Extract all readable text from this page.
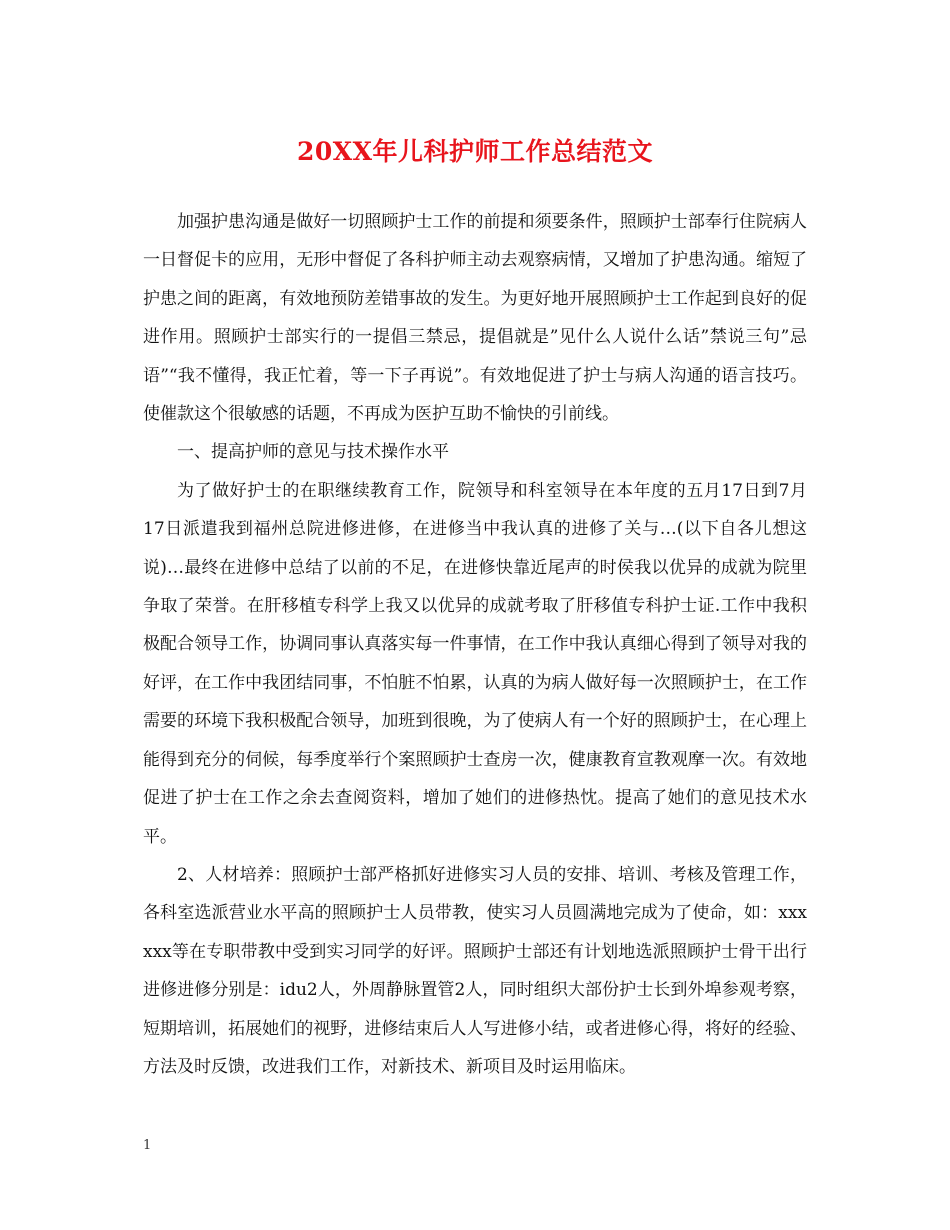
20XX年儿科护师工作总结范文

加强护患沟通是做好一切照顾护士工作的前提和须要条件，照顾护士部奉行住院病人一日督促卡的应用，无形中督促了各科护师主动去观察病情，又增加了护患沟通。缩短了护患之间的距离，有效地预防差错事故的发生。为更好地开展照顾护士工作起到良好的促进作用。照顾护士部实行的一提倡三禁忌，提倡就是”见什么人说什么话”禁说三句”忌语”“我不懂得，我正忙着，等一下子再说”。有效地促进了护士与病人沟通的语言技巧。使催款这个很敏感的话题，不再成为医护互助不愉快的引前线。

一、提高护师的意见与技术操作水平

为了做好护士的在职继续教育工作，院领导和科室领导在本年度的五月17日到7月17日派遣我到福州总院进修进修，在进修当中我认真的进修了关与…(以下自各儿想这说)…最终在进修中总结了以前的不足，在进修快靠近尾声的时侯我以优异的成就为院里争取了荣誉。在肝移植专科学上我又以优异的成就考取了肝移值专科护士证.工作中我积极配合领导工作，协调同事认真落实每一件事情，在工作中我认真细心得到了领导对我的好评，在工作中我团结同事，不怕脏不怕累，认真的为病人做好每一次照顾护士，在工作需要的环境下我积极配合领导，加班到很晚，为了使病人有一个好的照顾护士，在心理上能得到充分的伺候，每季度举行个案照顾护士查房一次，健康教育宣教观摩一次。有效地促进了护士在工作之余去查阅资料，增加了她们的进修热忱。提高了她们的意见技术水平。

2、人材培养：照顾护士部严格抓好进修实习人员的安排、培训、考核及管理工作，各科室选派营业水平高的照顾护士人员带教，使实习人员圆满地完成为了使命，如：xxx xxx等在专职带教中受到实习同学的好评。照顾护士部还有计划地选派照顾护士骨干出行进修进修分别是：idu2人，外周静脉置管2人，同时组织大部份护士长到外埠参观考察，短期培训，拓展她们的视野，进修结束后人人写进修小结，或者进修心得，将好的经验、方法及时反馈，改进我们工作，对新技术、新项目及时运用临床。

1
